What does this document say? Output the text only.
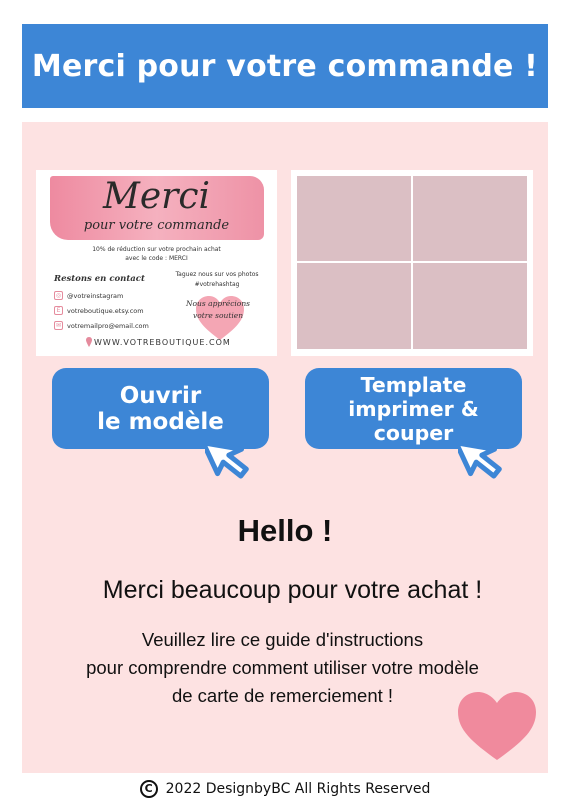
Merci pour votre commande !
Merci
pour votre commande
10% de réduction sur votre prochain achat
avec le code : MERCI
Restons en contact
◎ @votreinstagram
E	votreboutique.etsy.com
✉ votremailpro@email.com
Taguez nous sur vos photos
#votrehashtag
Nous apprécions
votre soutien
WWW.VOTREBOUTIQUE.COM
Ouvrir
le modèle
Template
imprimer & couper
Hello !
Merci beaucoup pour votre achat !
Veuillez lire ce guide d'instructions
pour comprendre comment utiliser votre modèle
de carte de remerciement !
C 2022 DesignbyBC All Rights Reserved
